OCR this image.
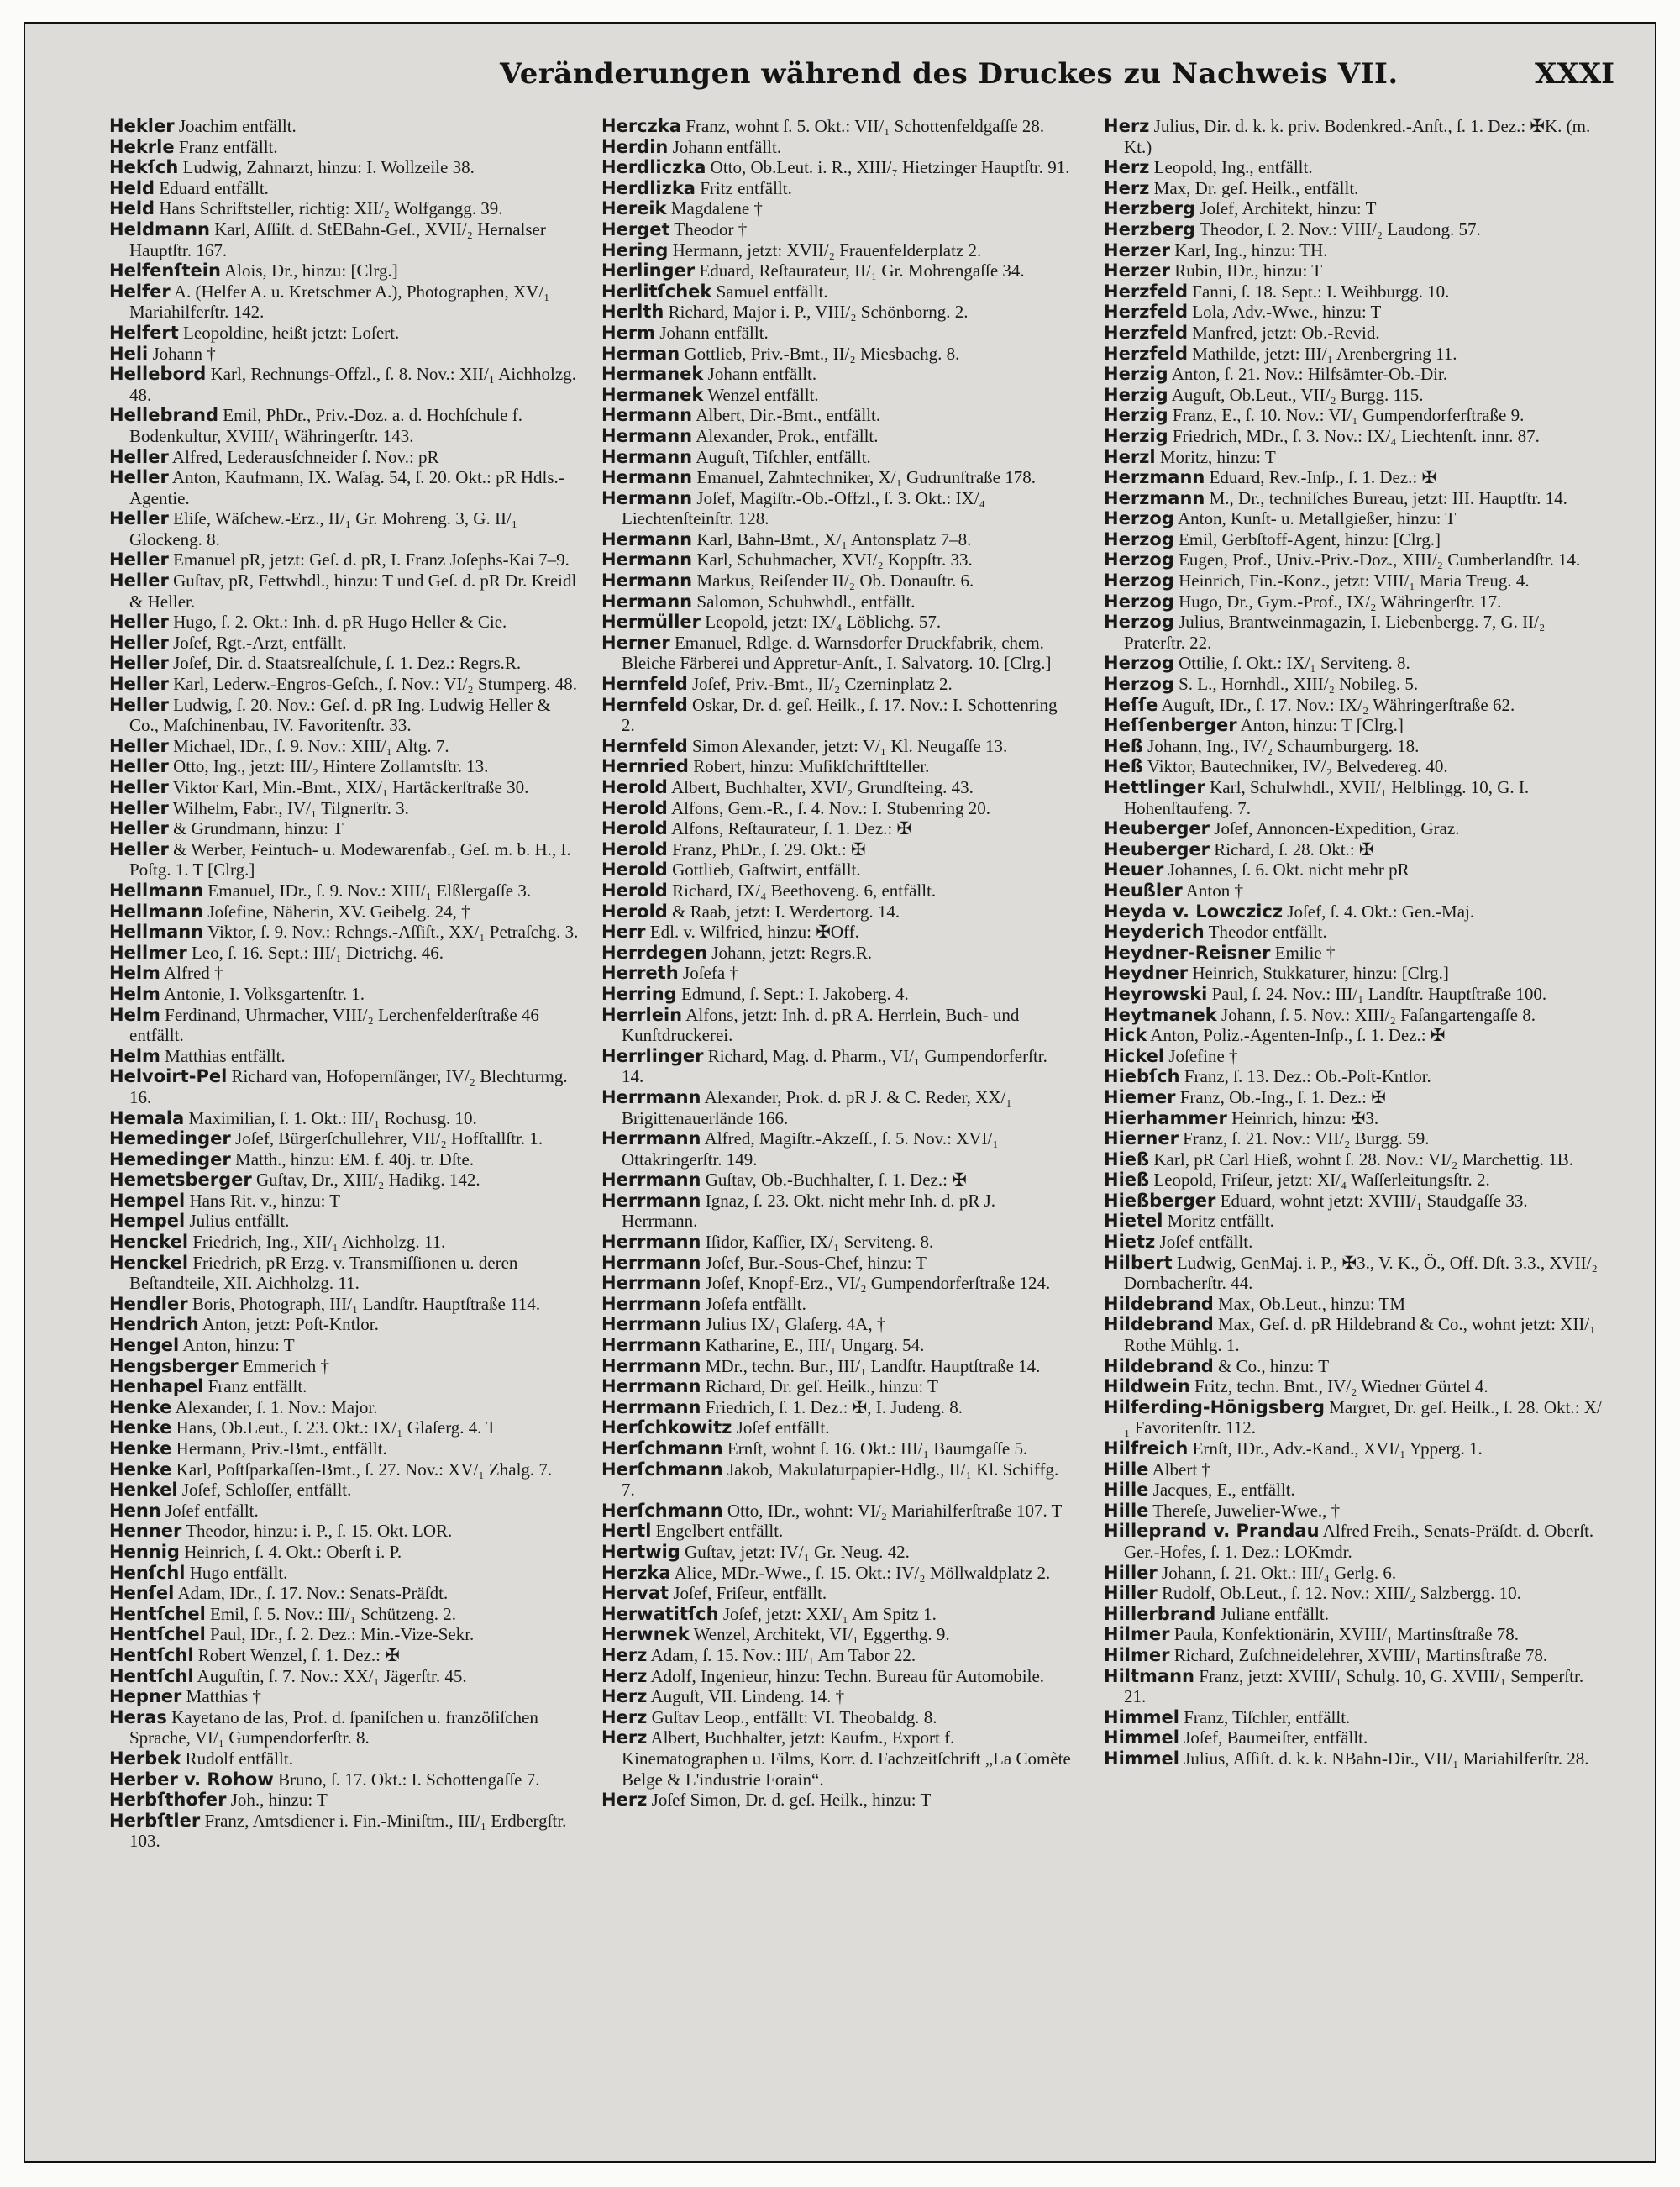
Veränderungen während des Druckes zu Nachweis VII.	XXXI
Hekler Joachim entfällt.
Hekrle Franz entfällt.
Hekſch Ludwig, Zahnarzt, hinzu: I. Wollzeile 38.
Held Eduard entfällt.
Held Hans Schriftsteller, richtig: XII/₂ Wolfgangg. 39.
Heldmann Karl, Aſſiſt. d. StEBahn-Geſ., XVII/₂ Hernalser Hauptſtr. 167.
Helfenſtein Alois, Dr., hinzu: [Clrg.]
Helfer A. (Helfer A. u. Kretschmer A.), Photographen, XV/₁ Mariahilferſtr. 142.
Helfert Leopoldine, heißt jetzt: Loſert.
Heli Johann †
Hellebord Karl, Rechnungs-Offzl., ſ. 8. Nov.: XII/₁ Aichholzg. 48.
Hellebrand Emil, PhDr., Priv.-Doz. a. d. Hochſchule f. Bodenkultur, XVIII/₁ Währingerſtr. 143.
Heller Alfred, Lederausſchneider ſ. Nov.: pR
Heller Anton, Kaufmann, IX. Waſag. 54, ſ. 20. Okt.: pR Hdls.-Agentie.
Heller Eliſe, Wäſchew.-Erz., II/₁ Gr. Mohreng. 3, G. II/₁ Glockeng. 8.
Heller Emanuel pR, jetzt: Geſ. d. pR, I. Franz Joſephs-Kai 7–9.
Heller Guſtav, pR, Fettwhdl., hinzu: T und Geſ. d. pR Dr. Kreidl & Heller.
Heller Hugo, ſ. 2. Okt.: Inh. d. pR Hugo Heller & Cie.
Heller Joſef, Rgt.-Arzt, entfällt.
Heller Joſef, Dir. d. Staatsrealſchule, ſ. 1. Dez.: Regrs.R.
Heller Karl, Lederw.-Engros-Geſch., ſ. Nov.: VI/₂ Stumperg. 48.
Heller Ludwig, ſ. 20. Nov.: Geſ. d. pR Ing. Ludwig Heller & Co., Maſchinenbau, IV. Favoritenſtr. 33.
Heller Michael, IDr., ſ. 9. Nov.: XIII/₁ Altg. 7.
Heller Otto, Ing., jetzt: III/₂ Hintere Zollamtsſtr. 13.
Heller Viktor Karl, Min.-Bmt., XIX/₁ Hartäckerſtraße 30.
Heller Wilhelm, Fabr., IV/₁ Tilgnerſtr. 3.
Heller & Grundmann, hinzu: T
Heller & Werber, Feintuch- u. Modewarenfab., Geſ. m. b. H., I. Poſtg. 1. T [Clrg.]
Hellmann Emanuel, IDr., ſ. 9. Nov.: XIII/₁ Elßlergaſſe 3.
Hellmann Joſefine, Näherin, XV. Geibelg. 24, †
Hellmann Viktor, ſ. 9. Nov.: Rchngs.-Aſſiſt., XX/₁ Petraſchg. 3.
Hellmer Leo, ſ. 16. Sept.: III/₁ Dietrichg. 46.
Helm Alfred †
Helm Antonie, I. Volksgartenſtr. 1.
Helm Ferdinand, Uhrmacher, VIII/₂ Lerchenfelderſtraße 46 entfällt.
Helm Matthias entfällt.
Helvoirt-Pel Richard van, Hofopernſänger, IV/₂ Blechturmg. 16.
Hemala Maximilian, ſ. 1. Okt.: III/₁ Rochusg. 10.
Hemedinger Joſef, Bürgerſchullehrer, VII/₂ Hofſtallſtr. 1.
Hemedinger Matth., hinzu: EM. f. 40j. tr. Dſte.
Hemetsberger Guſtav, Dr., XIII/₂ Hadikg. 142.
Hempel Hans Rit. v., hinzu: T
Hempel Julius entfällt.
Henckel Friedrich, Ing., XII/₁ Aichholzg. 11.
Henckel Friedrich, pR Erzg. v. Transmiſſionen u. deren Beſtandteile, XII. Aichholzg. 11.
Hendler Boris, Photograph, III/₁ Landſtr. Hauptſtraße 114.
Hendrich Anton, jetzt: Poſt-Kntlor.
Hengel Anton, hinzu: T
Hengsberger Emmerich †
Henhapel Franz entfällt.
Henke Alexander, ſ. 1. Nov.: Major.
Henke Hans, Ob.Leut., ſ. 23. Okt.: IX/₁ Glaſerg. 4. T
Henke Hermann, Priv.-Bmt., entfällt.
Henke Karl, Poſtſparkaſſen-Bmt., ſ. 27. Nov.: XV/₁ Zhalg. 7.
Henkel Joſef, Schloſſer, entfällt.
Henn Joſef entfällt.
Henner Theodor, hinzu: i. P., ſ. 15. Okt. LOR.
Hennig Heinrich, ſ. 4. Okt.: Oberſt i. P.
Henſchl Hugo entfällt.
Henſel Adam, IDr., ſ. 17. Nov.: Senats-Präſdt.
Hentſchel Emil, ſ. 5. Nov.: III/₁ Schützeng. 2.
Hentſchel Paul, IDr., ſ. 2. Dez.: Min.-Vize-Sekr.
Hentſchl Robert Wenzel, ſ. 1. Dez.: ✠
Hentſchl Auguſtin, ſ. 7. Nov.: XX/₁ Jägerſtr. 45.
Hepner Matthias †
Heras Kayetano de las, Prof. d. ſpaniſchen u. franzöſiſchen Sprache, VI/₁ Gumpendorferſtr. 8.
Herbek Rudolf entfällt.
Herber v. Rohow Bruno, ſ. 17. Okt.: I. Schottengaſſe 7.
Herbſthofer Joh., hinzu: T
Herbſtler Franz, Amtsdiener i. Fin.-Miniſtm., III/₁ Erdbergſtr. 103.
Herczka Franz, wohnt ſ. 5. Okt.: VII/₁ Schottenfeldgaſſe 28.
Herdin Johann entfällt.
Herdliczka Otto, Ob.Leut. i. R., XIII/₇ Hietzinger Hauptſtr. 91.
Herdlizka Fritz entfällt.
Hereik Magdalene †
Herget Theodor †
Hering Hermann, jetzt: XVII/₂ Frauenfelderplatz 2.
Herlinger Eduard, Reſtaurateur, II/₁ Gr. Mohrengaſſe 34.
Herlitſchek Samuel entfällt.
Herlth Richard, Major i. P., VIII/₂ Schönborng. 2.
Herm Johann entfällt.
Herman Gottlieb, Priv.-Bmt., II/₂ Miesbachg. 8.
Hermanek Johann entfällt.
Hermanek Wenzel entfällt.
Hermann Albert, Dir.-Bmt., entfällt.
Hermann Alexander, Prok., entfällt.
Hermann Auguſt, Tiſchler, entfällt.
Hermann Emanuel, Zahntechniker, X/₁ Gudrunſtraße 178.
Hermann Joſef, Magiſtr.-Ob.-Offzl., ſ. 3. Okt.: IX/₄ Liechtenſteinſtr. 128.
Hermann Karl, Bahn-Bmt., X/₁ Antonsplatz 7–8.
Hermann Karl, Schuhmacher, XVI/₂ Koppſtr. 33.
Hermann Markus, Reiſender II/₂ Ob. Donauſtr. 6.
Hermann Salomon, Schuhwhdl., entfällt.
Hermüller Leopold, jetzt: IX/₄ Löblichg. 57.
Herner Emanuel, Rdlge. d. Warnsdorfer Druckfabrik, chem. Bleiche Färberei und Appretur-Anſt., I. Salvatorg. 10. [Clrg.]
Hernfeld Joſef, Priv.-Bmt., II/₂ Czerninplatz 2.
Hernfeld Oskar, Dr. d. geſ. Heilk., ſ. 17. Nov.: I. Schottenring 2.
Hernfeld Simon Alexander, jetzt: V/₁ Kl. Neugaſſe 13.
Hernried Robert, hinzu: Muſikſchriftſteller.
Herold Albert, Buchhalter, XVI/₂ Grundſteing. 43.
Herold Alfons, Gem.-R., ſ. 4. Nov.: I. Stubenring 20.
Herold Alfons, Reſtaurateur, ſ. 1. Dez.: ✠
Herold Franz, PhDr., ſ. 29. Okt.: ✠
Herold Gottlieb, Gaſtwirt, entfällt.
Herold Richard, IX/₄ Beethoveng. 6, entfällt.
Herold & Raab, jetzt: I. Werdertorg. 14.
Herr Edl. v. Wilfried, hinzu: ✠Off.
Herrdegen Johann, jetzt: Regrs.R.
Herreth Joſefa †
Herring Edmund, ſ. Sept.: I. Jakoberg. 4.
Herrlein Alfons, jetzt: Inh. d. pR A. Herrlein, Buch- und Kunſtdruckerei.
Herrlinger Richard, Mag. d. Pharm., VI/₁ Gumpendorferſtr. 14.
Herrmann Alexander, Prok. d. pR J. & C. Reder, XX/₁ Brigittenauerlände 166.
Herrmann Alfred, Magiſtr.-Akzeſſ., ſ. 5. Nov.: XVI/₁ Ottakringerſtr. 149.
Herrmann Guſtav, Ob.-Buchhalter, ſ. 1. Dez.: ✠
Herrmann Ignaz, ſ. 23. Okt. nicht mehr Inh. d. pR J. Herrmann.
Herrmann Iſidor, Kaſſier, IX/₁ Serviteng. 8.
Herrmann Joſef, Bur.-Sous-Chef, hinzu: T
Herrmann Joſef, Knopf-Erz., VI/₂ Gumpendorferſtraße 124.
Herrmann Joſefa entfällt.
Herrmann Julius IX/₁ Glaſerg. 4A, †
Herrmann Katharine, E., III/₁ Ungarg. 54.
Herrmann MDr., techn. Bur., III/₁ Landſtr. Hauptſtraße 14.
Herrmann Richard, Dr. geſ. Heilk., hinzu: T
Herrmann Friedrich, ſ. 1. Dez.: ✠, I. Judeng. 8.
Herſchkowitz Joſef entfällt.
Herſchmann Ernſt, wohnt ſ. 16. Okt.: III/₁ Baumgaſſe 5.
Herſchmann Jakob, Makulaturpapier-Hdlg., II/₁ Kl. Schiffg. 7.
Herſchmann Otto, IDr., wohnt: VI/₂ Mariahilferſtraße 107. T
Hertl Engelbert entfällt.
Hertwig Guſtav, jetzt: IV/₁ Gr. Neug. 42.
Herzka Alice, MDr.-Wwe., ſ. 15. Okt.: IV/₂ Möllwaldplatz 2.
Hervat Joſef, Friſeur, entfällt.
Herwatitſch Joſef, jetzt: XXI/₁ Am Spitz 1.
Herwnek Wenzel, Architekt, VI/₁ Eggerthg. 9.
Herz Adam, ſ. 15. Nov.: III/₁ Am Tabor 22.
Herz Adolf, Ingenieur, hinzu: Techn. Bureau für Automobile.
Herz Auguſt, VII. Lindeng. 14. †
Herz Guſtav Leop., entfällt: VI. Theobaldg. 8.
Herz Albert, Buchhalter, jetzt: Kaufm., Export f. Kinematographen u. Films, Korr. d. Fachzeitſchrift „La Comète Belge & L'industrie Forain“.
Herz Joſef Simon, Dr. d. geſ. Heilk., hinzu: T
Herz Julius, Dir. d. k. k. priv. Bodenkred.-Anſt., ſ. 1. Dez.: ✠K. (m. Kt.)
Herz Leopold, Ing., entfällt.
Herz Max, Dr. geſ. Heilk., entfällt.
Herzberg Joſef, Architekt, hinzu: T
Herzberg Theodor, ſ. 2. Nov.: VIII/₂ Laudong. 57.
Herzer Karl, Ing., hinzu: TH.
Herzer Rubin, IDr., hinzu: T
Herzfeld Fanni, ſ. 18. Sept.: I. Weihburgg. 10.
Herzfeld Lola, Adv.-Wwe., hinzu: T
Herzfeld Manfred, jetzt: Ob.-Revid.
Herzfeld Mathilde, jetzt: III/₁ Arenbergring 11.
Herzig Anton, ſ. 21. Nov.: Hilfsämter-Ob.-Dir.
Herzig Auguſt, Ob.Leut., VII/₂ Burgg. 115.
Herzig Franz, E., ſ. 10. Nov.: VI/₁ Gumpendorferſtraße 9.
Herzig Friedrich, MDr., ſ. 3. Nov.: IX/₄ Liechtenſt. innr. 87.
Herzl Moritz, hinzu: T
Herzmann Eduard, Rev.-Inſp., ſ. 1. Dez.: ✠
Herzmann M., Dr., techniſches Bureau, jetzt: III. Hauptſtr. 14.
Herzog Anton, Kunſt- u. Metallgießer, hinzu: T
Herzog Emil, Gerbſtoff-Agent, hinzu: [Clrg.]
Herzog Eugen, Prof., Univ.-Priv.-Doz., XIII/₂ Cumberlandſtr. 14.
Herzog Heinrich, Fin.-Konz., jetzt: VIII/₁ Maria Treug. 4.
Herzog Hugo, Dr., Gym.-Prof., IX/₂ Währingerſtr. 17.
Herzog Julius, Brantweinmagazin, I. Liebenbergg. 7, G. II/₂ Praterſtr. 22.
Herzog Ottilie, ſ. Okt.: IX/₁ Serviteng. 8.
Herzog S. L., Hornhdl., XIII/₂ Nobileg. 5.
Heſſe Auguſt, IDr., ſ. 17. Nov.: IX/₂ Währingerſtraße 62.
Heſſenberger Anton, hinzu: T [Clrg.]
Heß Johann, Ing., IV/₂ Schaumburgerg. 18.
Heß Viktor, Bautechniker, IV/₂ Belvedereg. 40.
Hettlinger Karl, Schulwhdl., XVII/₁ Helblingg. 10, G. I. Hohenſtaufeng. 7.
Heuberger Joſef, Annoncen-Expedition, Graz.
Heuberger Richard, ſ. 28. Okt.: ✠
Heuer Johannes, ſ. 6. Okt. nicht mehr pR
Heußler Anton †
Heyda v. Lowczicz Joſef, ſ. 4. Okt.: Gen.-Maj.
Heyderich Theodor entfällt.
Heydner-Reisner Emilie †
Heydner Heinrich, Stukkaturer, hinzu: [Clrg.]
Heyrowski Paul, ſ. 24. Nov.: III/₁ Landſtr. Hauptſtraße 100.
Heytmanek Johann, ſ. 5. Nov.: XIII/₂ Faſangartengaſſe 8.
Hick Anton, Poliz.-Agenten-Inſp., ſ. 1. Dez.: ✠
Hickel Joſefine †
Hiebſch Franz, ſ. 13. Dez.: Ob.-Poſt-Kntlor.
Hiemer Franz, Ob.-Ing., ſ. 1. Dez.: ✠
Hierhammer Heinrich, hinzu: ✠3.
Hierner Franz, ſ. 21. Nov.: VII/₂ Burgg. 59.
Hieß Karl, pR Carl Hieß, wohnt ſ. 28. Nov.: VI/₂ Marchettig. 1B.
Hieß Leopold, Friſeur, jetzt: XI/₄ Waſſerleitungsſtr. 2.
Hießberger Eduard, wohnt jetzt: XVIII/₁ Staudgaſſe 33.
Hietel Moritz entfällt.
Hietz Joſef entfällt.
Hilbert Ludwig, GenMaj. i. P., ✠3., V. K., Ö., Off. Dſt. 3.3., XVII/₂ Dornbacherſtr. 44.
Hildebrand Max, Ob.Leut., hinzu: TM
Hildebrand Max, Geſ. d. pR Hildebrand & Co., wohnt jetzt: XII/₁ Rothe Mühlg. 1.
Hildebrand & Co., hinzu: T
Hildwein Fritz, techn. Bmt., IV/₂ Wiedner Gürtel 4.
Hilferding-Hönigsberg Margret, Dr. geſ. Heilk., ſ. 28. Okt.: X/₁ Favoritenſtr. 112.
Hilfreich Ernſt, IDr., Adv.-Kand., XVI/₁ Ypperg. 1.
Hille Albert †
Hille Jacques, E., entfällt.
Hille Thereſe, Juwelier-Wwe., †
Hilleprand v. Prandau Alfred Freih., Senats-Präſdt. d. Oberſt. Ger.-Hofes, ſ. 1. Dez.: LOKmdr.
Hiller Johann, ſ. 21. Okt.: III/₄ Gerlg. 6.
Hiller Rudolf, Ob.Leut., ſ. 12. Nov.: XIII/₂ Salzbergg. 10.
Hillerbrand Juliane entfällt.
Hilmer Paula, Konfektionärin, XVIII/₁ Martinsſtraße 78.
Hilmer Richard, Zuſchneidelehrer, XVIII/₁ Martinsſtraße 78.
Hiltmann Franz, jetzt: XVIII/₁ Schulg. 10, G. XVIII/₁ Semperſtr. 21.
Himmel Franz, Tiſchler, entfällt.
Himmel Joſef, Baumeiſter, entfällt.
Himmel Julius, Aſſiſt. d. k. k. NBahn-Dir., VII/₁ Mariahilferſtr. 28.
